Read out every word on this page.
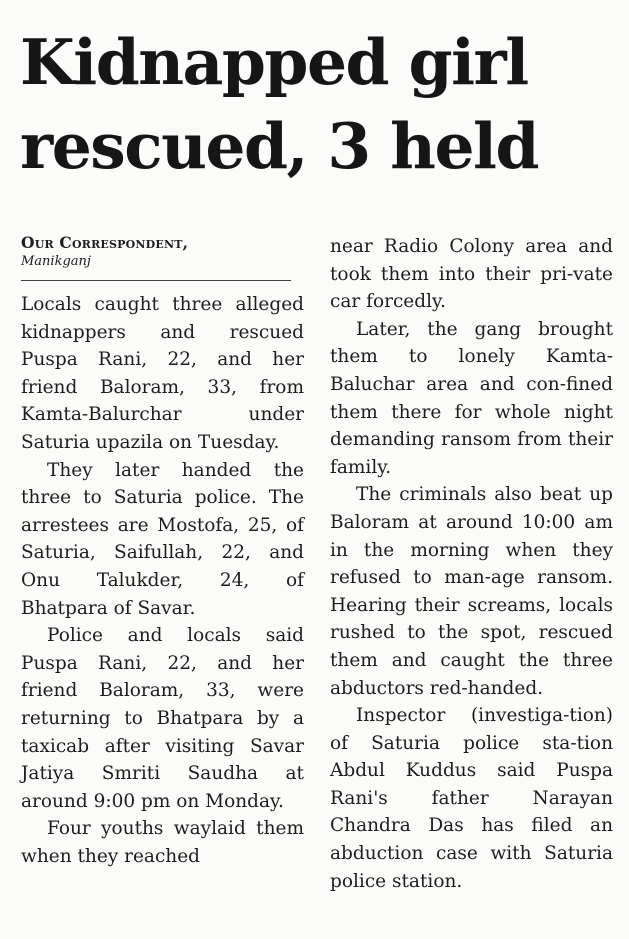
Kidnapped girl
rescued, 3 held
Our Correspondent,
Manikganj

Locals caught three alleged kidnappers and rescued Puspa Rani, 22, and her friend Baloram, 33, from Kamta-Balurchar under Saturia upazila on Tuesday.

They later handed the three to Saturia police. The arrestees are Mostofa, 25, of Saturia, Saifullah, 22, and Onu Talukder, 24, of Bhatpara of Savar.

Police and locals said Puspa Rani, 22, and her friend Baloram, 33, were returning to Bhatpara by a taxicab after visiting Savar Jatiya Smriti Saudha at around 9:00 pm on Monday.

Four youths waylaid them when they reached

near Radio Colony area and took them into their pri-vate car forcedly.

Later, the gang brought them to lonely Kamta-Baluchar area and con-fined them there for whole night demanding ransom from their family.

The criminals also beat up Baloram at around 10:00 am in the morning when they refused to man-age ransom. Hearing their screams, locals rushed to the spot, rescued them and caught the three abductors red-handed.

Inspector (investiga-tion) of Saturia police sta-tion Abdul Kuddus said Puspa Rani's father Narayan Chandra Das has filed an abduction case with Saturia police station.
